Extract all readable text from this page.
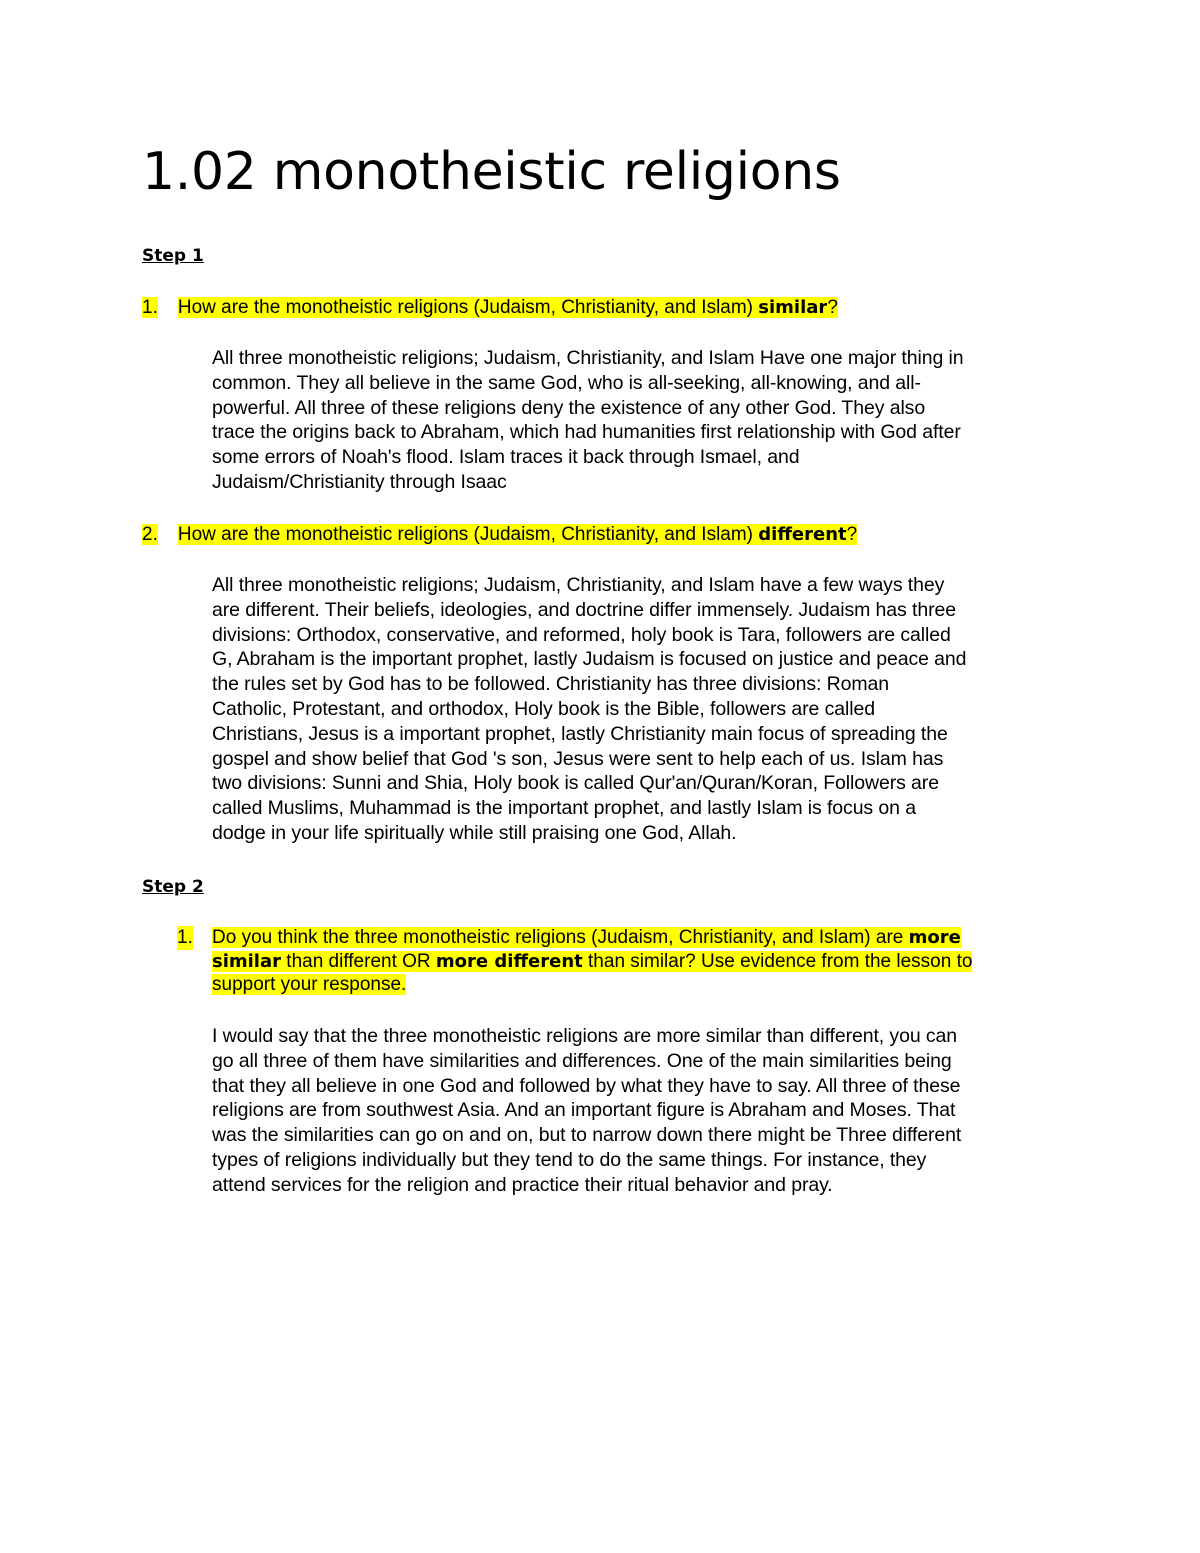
1.02 monotheistic religions
Step 1
1. How are the monotheistic religions (Judaism, Christianity, and Islam) similar?
All three monotheistic religions; Judaism, Christianity, and Islam Have one major thing in
common. They all believe in the same God, who is all-seeking, all-knowing, and all-
powerful. All three of these religions deny the existence of any other God. They also
trace the origins back to Abraham, which had humanities first relationship with God after
some errors of Noah's flood. Islam traces it back through Ismael, and
Judaism/Christianity through Isaac
2. How are the monotheistic religions (Judaism, Christianity, and Islam) different?
All three monotheistic religions; Judaism, Christianity, and Islam have a few ways they
are different. Their beliefs, ideologies, and doctrine differ immensely. Judaism has three
divisions: Orthodox, conservative, and reformed, holy book is Tara, followers are called
G, Abraham is the important prophet, lastly Judaism is focused on justice and peace and
the rules set by God has to be followed. Christianity has three divisions: Roman
Catholic, Protestant, and orthodox, Holy book is the Bible, followers are called
Christians, Jesus is a important prophet, lastly Christianity main focus of spreading the
gospel and show belief that God 's son, Jesus were sent to help each of us. Islam has
two divisions: Sunni and Shia, Holy book is called Qur'an/Quran/Koran, Followers are
called Muslims, Muhammad is the important prophet, and lastly Islam is focus on a
dodge in your life spiritually while still praising one God, Allah.
Step 2
1. Do you think the three monotheistic religions (Judaism, Christianity, and Islam) are more
similar than different OR more different than similar? Use evidence from the lesson to
support your response.
I would say that the three monotheistic religions are more similar than different, you can
go all three of them have similarities and differences. One of the main similarities being
that they all believe in one God and followed by what they have to say. All three of these
religions are from southwest Asia. And an important figure is Abraham and Moses. That
was the similarities can go on and on, but to narrow down there might be Three different
types of religions individually but they tend to do the same things. For instance, they
attend services for the religion and practice their ritual behavior and pray.
